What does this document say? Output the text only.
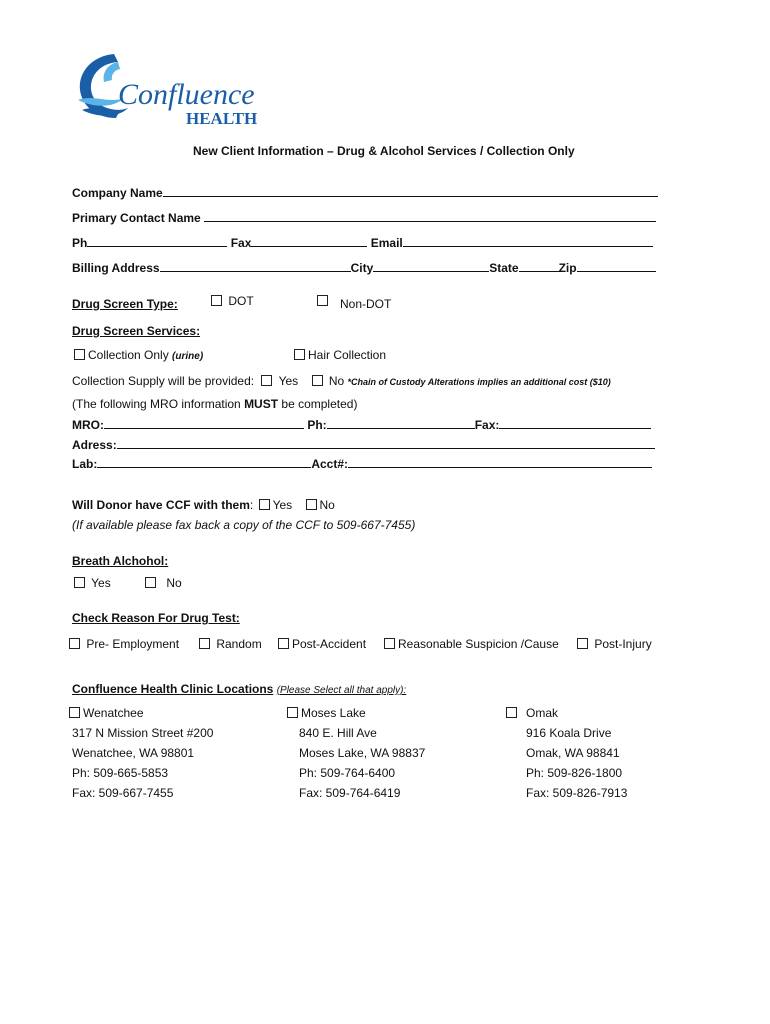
Confluence
HEALTH
New Client Information – Drug & Alcohol Services / Collection Only
Company Name
Primary Contact Name
Ph	Fax	Email
Billing Address	City	State	Zip
Drug Screen Type:	DOT	Non-DOT
Drug Screen Services:
Collection Only (urine)	Hair Collection
Collection Supply will be provided: Yes	No *Chain of Custody Alterations implies an additional cost ($10)
(The following MRO information MUST be completed)
MRO:	Ph:	Fax:
Adress:
Lab:	Acct#:
Will Donor have CCF with them: Yes No
(If available please fax back a copy of the CCF to 509-667-7455)
Breath Alchohol:
Yes	No
Check Reason For Drug Test:
Pre- Employment	Random	Post-Accident	Reasonable Suspicion /Cause	Post-Injury
Confluence Health Clinic Locations (Please Select all that apply):
Wenatchee
317 N Mission Street #200
Wenatchee, WA 98801
Ph: 509-665-5853
Fax: 509-667-7455
Moses Lake
840 E. Hill Ave
Moses Lake, WA 98837
Ph: 509-764-6400
Fax: 509-764-6419
Omak
916 Koala Drive
Omak, WA 98841
Ph: 509-826-1800
Fax: 509-826-7913
